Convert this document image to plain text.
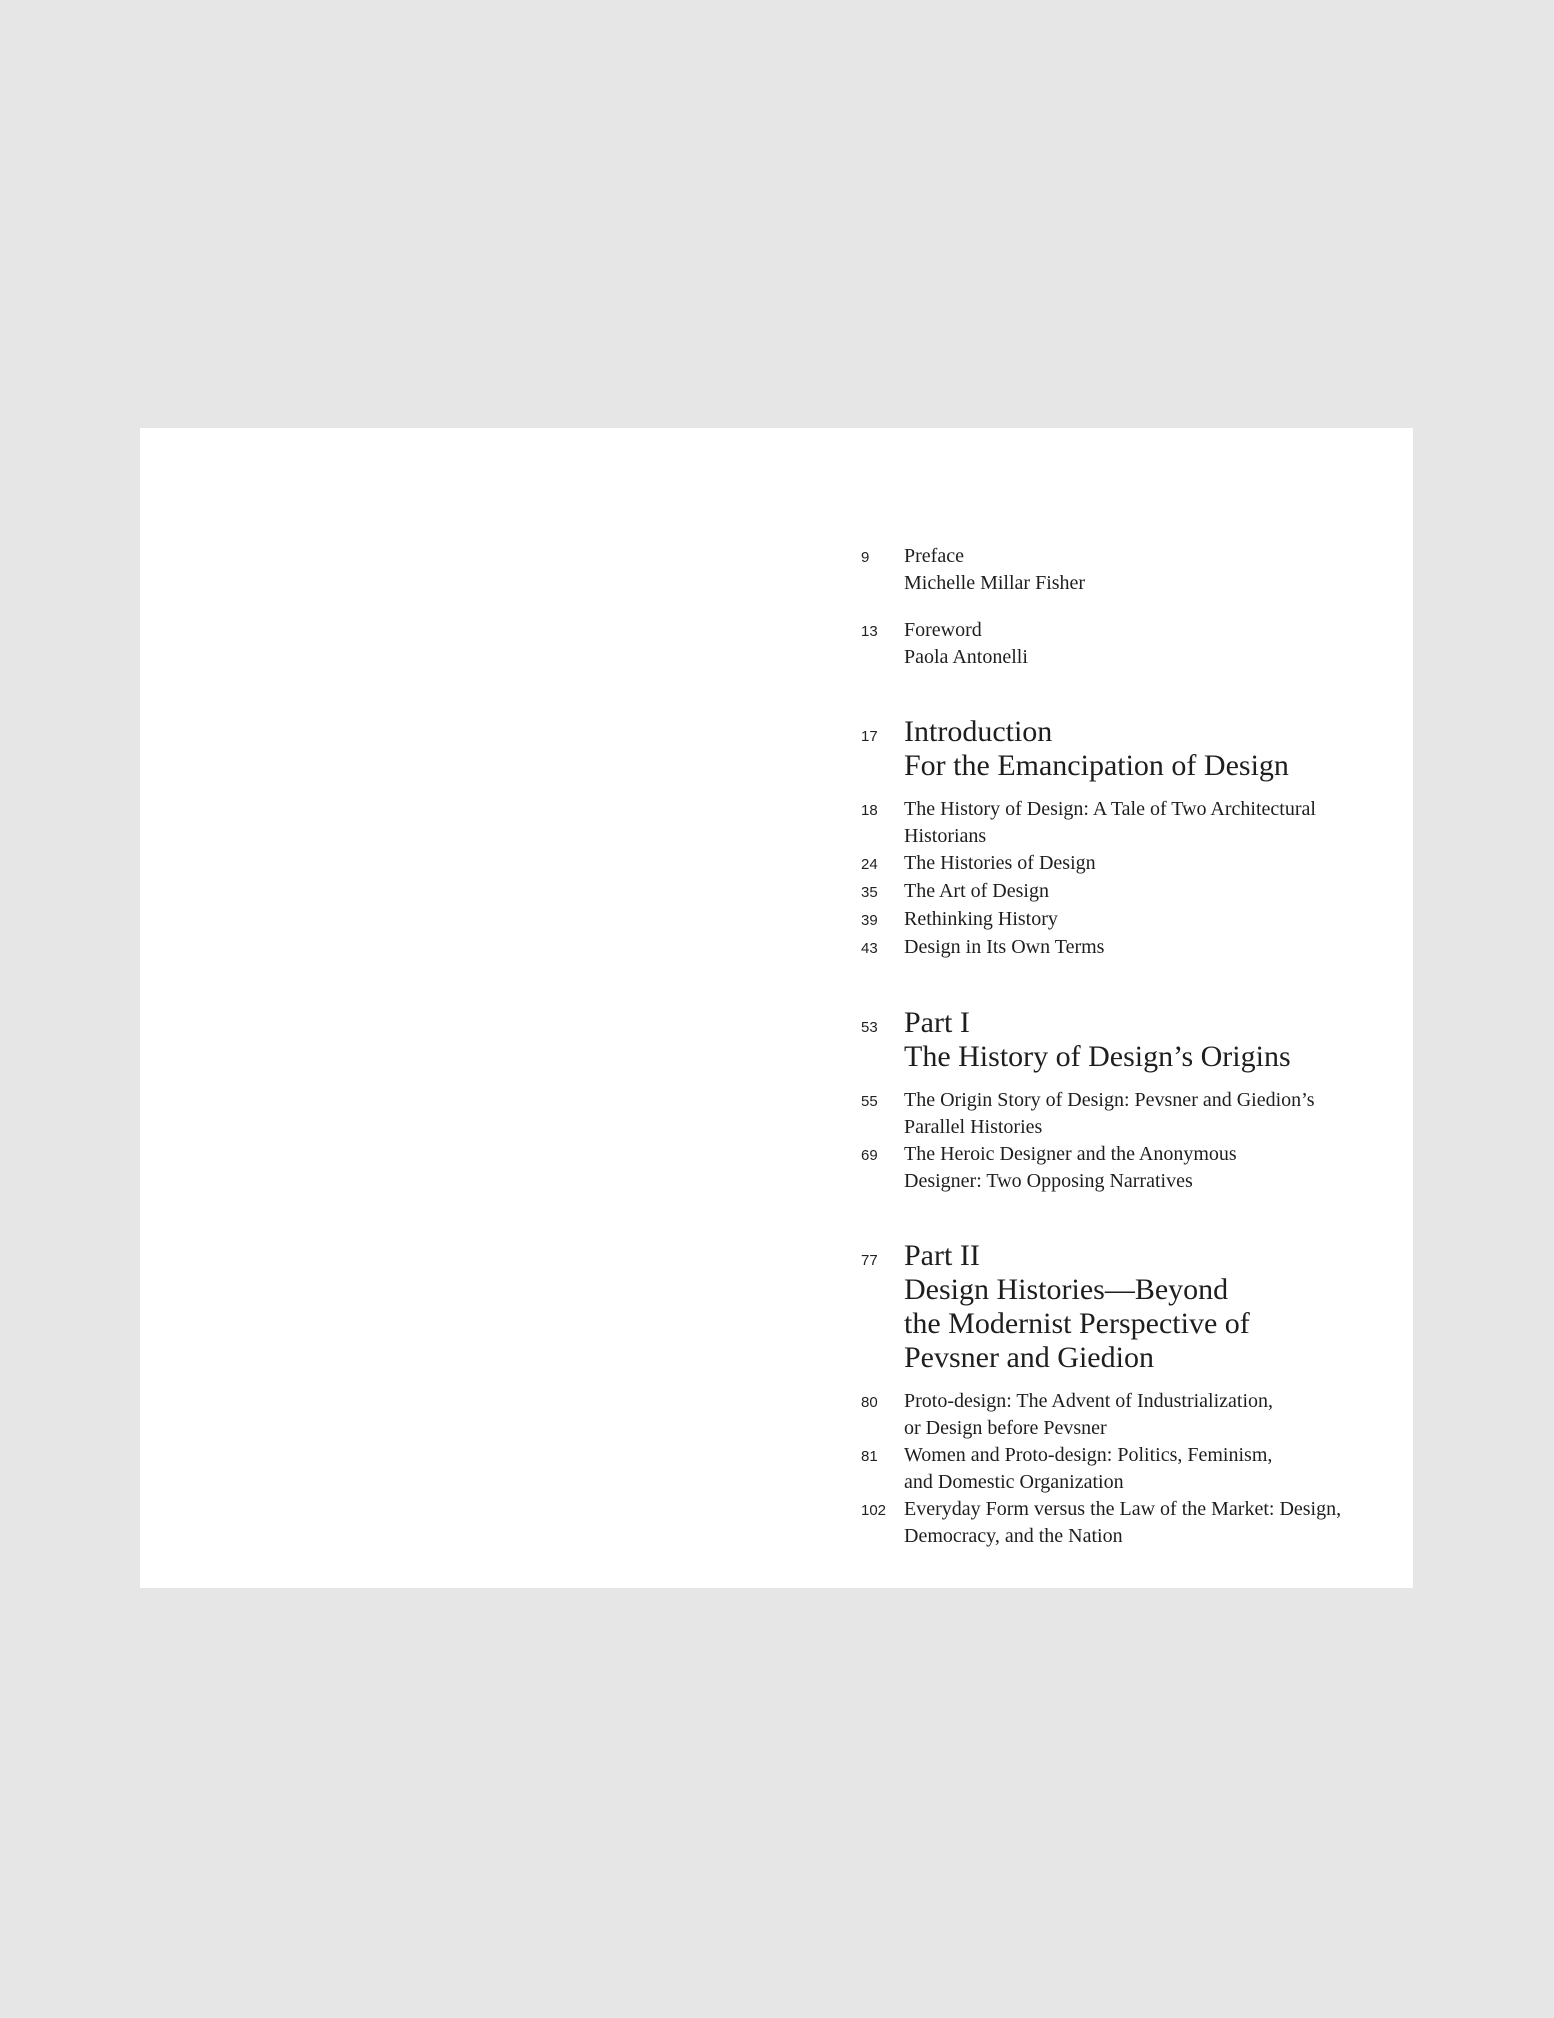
9	Preface
Michelle Millar Fisher
13	Foreword
Paola Antonelli
17 Introduction
For the Emancipation of Design
18	The History of Design: A Tale of Two Architectural
Historians
24	The Histories of Design
35	The Art of Design
39	Rethinking History
43	Design in Its Own Terms
53 Part I
The History of Design’s Origins
55	The Origin Story of Design: Pevsner and Giedion’s
Parallel Histories
69	The Heroic Designer and the Anonymous
Designer: Two Opposing Narratives
77 Part II
Design Histories—Beyond
the Modernist Perspective of
Pevsner and Giedion
80	Proto-design: The Advent of Industrialization,
or Design before Pevsner
81	Women and Proto-design: Politics, Feminism,
and Domestic Organization
102 Everyday Form versus the Law of the Market: Design,
Democracy, and the Nation
